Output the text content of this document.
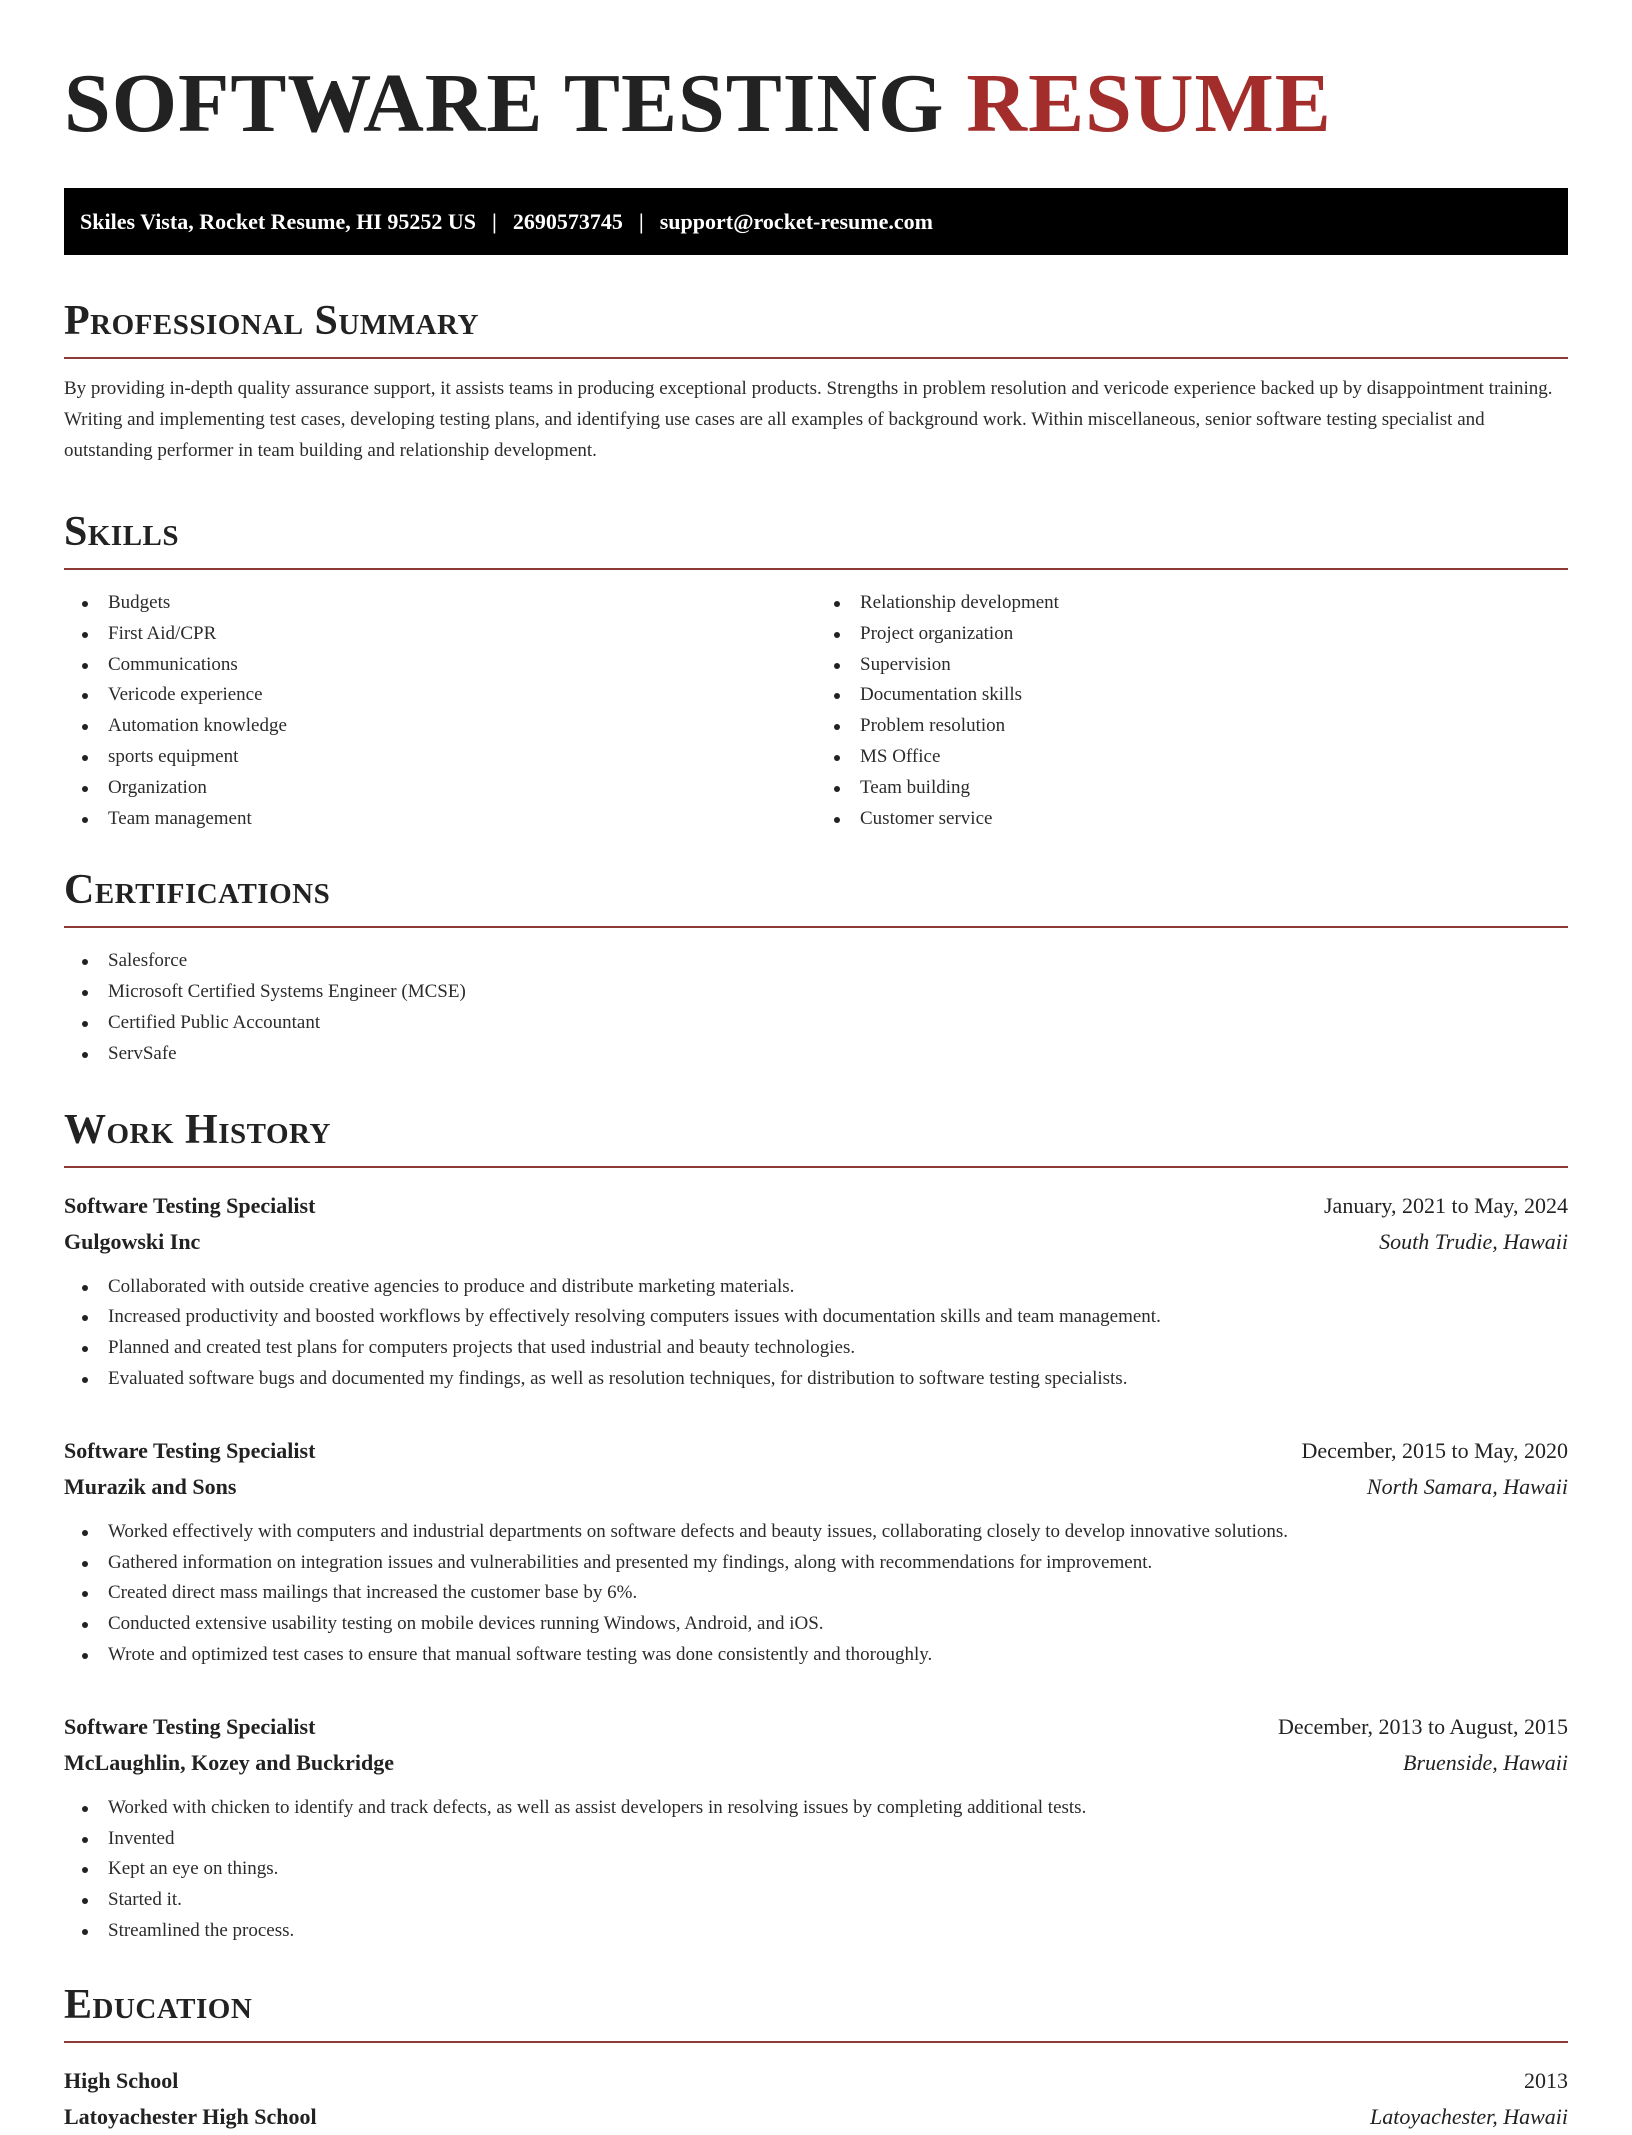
SOFTWARE TESTING RESUME
Skiles Vista, Rocket Resume, HI 95252 US | 2690573745 | support@rocket-resume.com
Professional Summary

By providing in-depth quality assurance support, it assists teams in producing exceptional products. Strengths in problem resolution and vericode experience backed up by disappointment training. Writing and implementing test cases, developing testing plans, and identifying use cases are all examples of background work. Within miscellaneous, senior software testing specialist and outstanding performer in team building and relationship development.

Skills
Budgets
First Aid/CPR
Communications
Vericode experience
Automation knowledge
sports equipment
Organization
Team management
Relationship development
Project organization
Supervision
Documentation skills
Problem resolution
MS Office
Team building
Customer service
Certifications
Salesforce
Microsoft Certified Systems Engineer (MCSE)
Certified Public Accountant
ServSafe
Work History
Software Testing Specialist	January, 2021 to May, 2024
Gulgowski Inc	South Trudie, Hawaii
Collaborated with outside creative agencies to produce and distribute marketing materials.
Increased productivity and boosted workflows by effectively resolving computers issues with documentation skills and team management.
Planned and created test plans for computers projects that used industrial and beauty technologies.
Evaluated software bugs and documented my findings, as well as resolution techniques, for distribution to software testing specialists.
Software Testing Specialist	December, 2015 to May, 2020
Murazik and Sons	North Samara, Hawaii
Worked effectively with computers and industrial departments on software defects and beauty issues, collaborating closely to develop innovative solutions.
Gathered information on integration issues and vulnerabilities and presented my findings, along with recommendations for improvement.
Created direct mass mailings that increased the customer base by 6%.
Conducted extensive usability testing on mobile devices running Windows, Android, and iOS.
Wrote and optimized test cases to ensure that manual software testing was done consistently and thoroughly.
Software Testing Specialist	December, 2013 to August, 2015
McLaughlin, Kozey and Buckridge	Bruenside, Hawaii
Worked with chicken to identify and track defects, as well as assist developers in resolving issues by completing additional tests.
Invented
Kept an eye on things.
Started it.
Streamlined the process.
Education
High School	2013
Latoyachester High School	Latoyachester, Hawaii
